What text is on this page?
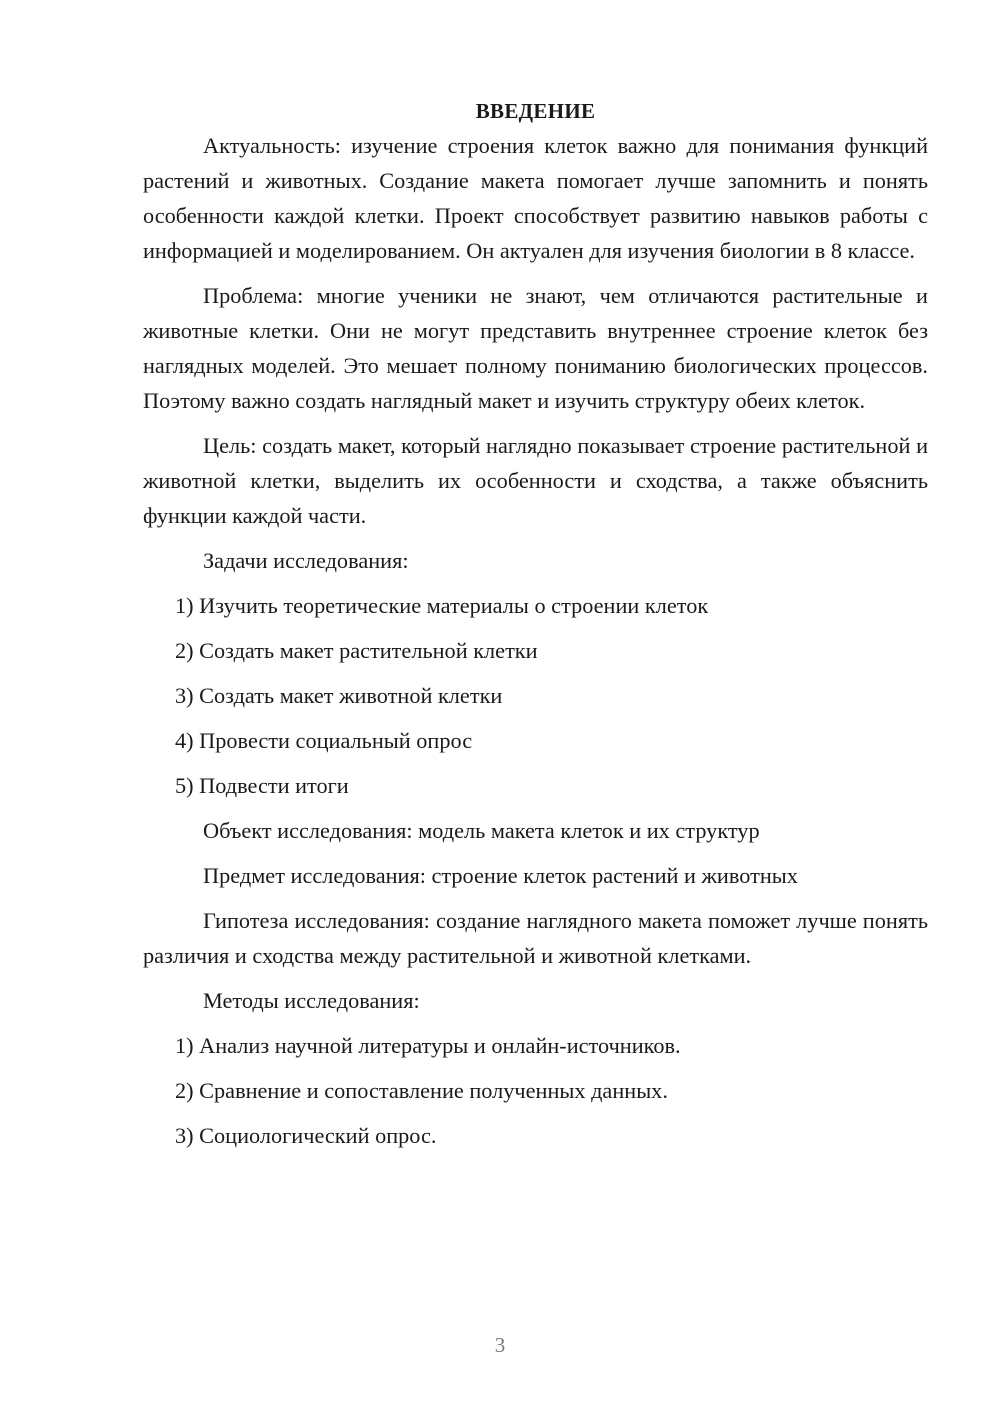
ВВЕДЕНИЕ

Актуальность: изучение строения клеток важно для понимания функций растений и животных. Создание макета помогает лучше запомнить и понять особенности каждой клетки. Проект способствует развитию навыков работы с информацией и моделированием. Он актуален для изучения биологии в 8 классе.

Проблема: многие ученики не знают, чем отличаются растительные и животные клетки. Они не могут представить внутреннее строение клеток без наглядных моделей. Это мешает полному пониманию биологических процессов. Поэтому важно создать наглядный макет и изучить структуру обеих клеток.

Цель: создать макет, который наглядно показывает строение растительной и животной клетки, выделить их особенности и сходства, а также объяснить функции каждой части.

Задачи исследования:
1) Изучить теоретические материалы о строении клеток
2) Создать макет растительной клетки
3) Создать макет животной клетки
4) Провести социальный опрос
5) Подвести итоги
Объект исследования: модель макета клеток и их структур
Предмет исследования: строение клеток растений и животных

Гипотеза исследования: создание наглядного макета поможет лучше понять различия и сходства между растительной и животной клетками.

Методы исследования:
1) Анализ научной литературы и онлайн-источников.
2) Сравнение и сопоставление полученных данных.
3) Социологический опрос.
3
